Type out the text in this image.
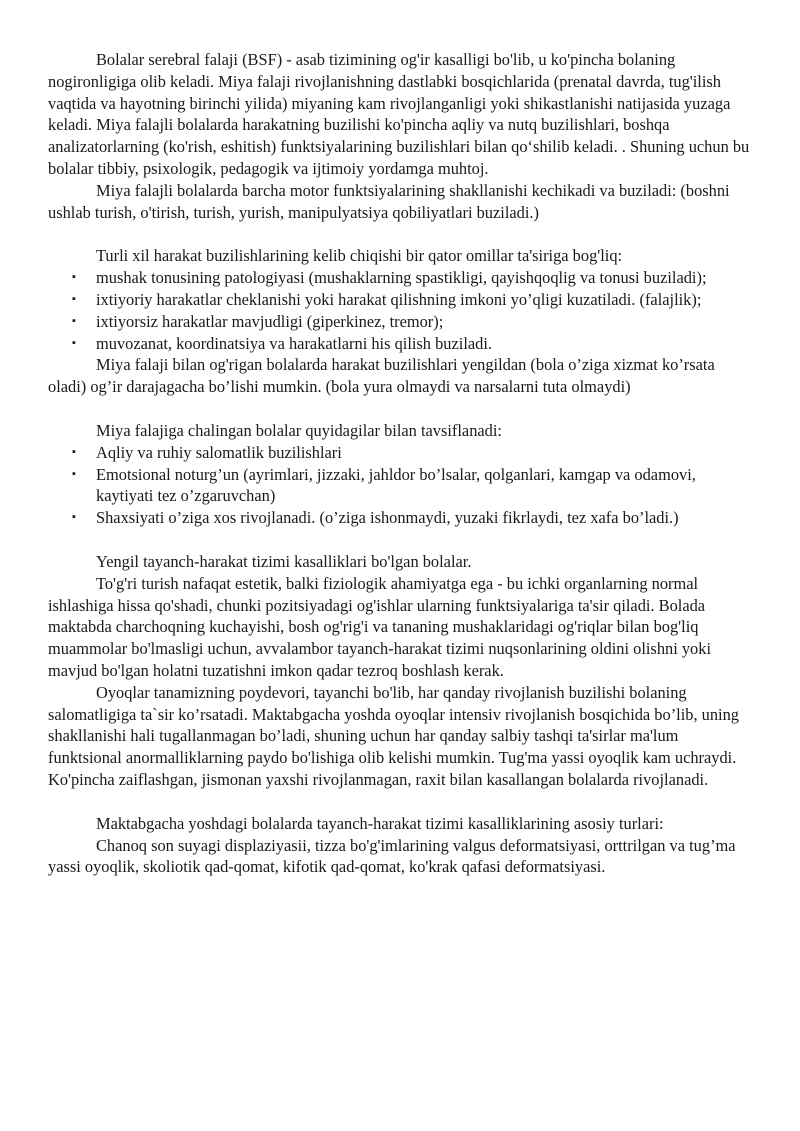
Bolalar serebral falaji (BSF) - asab tizimining og'ir kasalligi bo'lib, u ko'pincha bolaning nogironligiga olib keladi. Miya falaji rivojlanishning dastlabki bosqichlarida (prenatal davrda, tug'ilish vaqtida va hayotning birinchi yilida) miyaning kam rivojlanganligi yoki shikastlanishi natijasida yuzaga keladi. Miya falajli bolalarda harakatning buzilishi ko'pincha aqliy va nutq buzilishlari, boshqa analizatorlarning (ko'rish, eshitish) funktsiyalarining buzilishlari bilan qo‘shilib keladi. . Shuning uchun bu bolalar tibbiy, psixologik, pedagogik va ijtimoiy yordamga muhtoj.

Miya falajli bolalarda barcha motor funktsiyalarining shakllanishi kechikadi va buziladi: (boshni ushlab turish, o'tirish, turish, yurish, manipulyatsiya qobiliyatlari buziladi.)

Turli xil harakat buzilishlarining kelib chiqishi bir qator omillar ta'siriga bog'liq:

▪ mushak tonusining patologiyasi (mushaklarning spastikligi, qayishqoqlig va tonusi buziladi);
▪ ixtiyoriy harakatlar cheklanishi yoki harakat qilishning imkoni yo’qligi kuzatiladi. (falajlik);
▪ ixtiyorsiz harakatlar mavjudligi (giperkinez, tremor);
▪ muvozanat, koordinatsiya va harakatlarni his qilish buziladi.

Miya falaji bilan og'rigan bolalarda harakat buzilishlari yengildan (bola o’ziga xizmat ko’rsata oladi) og’ir darajagacha bo’lishi mumkin. (bola yura olmaydi va narsalarni tuta olmaydi)

Miya falajiga chalingan bolalar quyidagilar bilan tavsiflanadi:

▪ Aqliy va ruhiy salomatlik buzilishlari
▪ Emotsional noturg’un (ayrimlari, jizzaki, jahldor bo’lsalar, qolganlari, kamgap va odamovi, kaytiyati tez o’zgaruvchan)
▪ Shaxsiyati o’ziga xos rivojlanadi. (o’ziga ishonmaydi, yuzaki fikrlaydi, tez xafa bo’ladi.)

Yengil tayanch-harakat tizimi kasalliklari bo'lgan bolalar.

To'g'ri turish nafaqat estetik, balki fiziologik ahamiyatga ega - bu ichki organlarning normal ishlashiga hissa qo'shadi, chunki pozitsiyadagi og'ishlar ularning funktsiyalariga ta'sir qiladi. Bolada maktabda charchoqning kuchayishi, bosh og'rig'i va tananing mushaklaridagi og'riqlar bilan bog'liq muammolar bo'lmasligi uchun, avvalambor tayanch-harakat tizimi nuqsonlarining oldini olishni yoki mavjud bo'lgan holatni tuzatishni imkon qadar tezroq boshlash kerak.

Oyoqlar tanamizning poydevori, tayanchi bo'lib, har qanday rivojlanish buzilishi bolaning salomatligiga ta`sir ko’rsatadi. Maktabgacha yoshda oyoqlar intensiv rivojlanish bosqichida bo’lib, uning shakllanishi hali tugallanmagan bo’ladi, shuning uchun har qanday salbiy tashqi ta'sirlar ma'lum funktsional anormalliklarning paydo bo'lishiga olib kelishi mumkin. Tug'ma yassi oyoqlik kam uchraydi. Ko'pincha zaiflashgan, jismonan yaxshi rivojlanmagan, raxit bilan kasallangan bolalarda rivojlanadi.

Maktabgacha yoshdagi bolalarda tayanch-harakat tizimi kasalliklarining asosiy turlari:

Chanoq son suyagi displaziyasii, tizza bo'g'imlarining valgus deformatsiyasi, orttrilgan va tug’ma yassi oyoqlik, skoliotik qad-qomat, kifotik qad-qomat, ko'krak qafasi deformatsiyasi.
